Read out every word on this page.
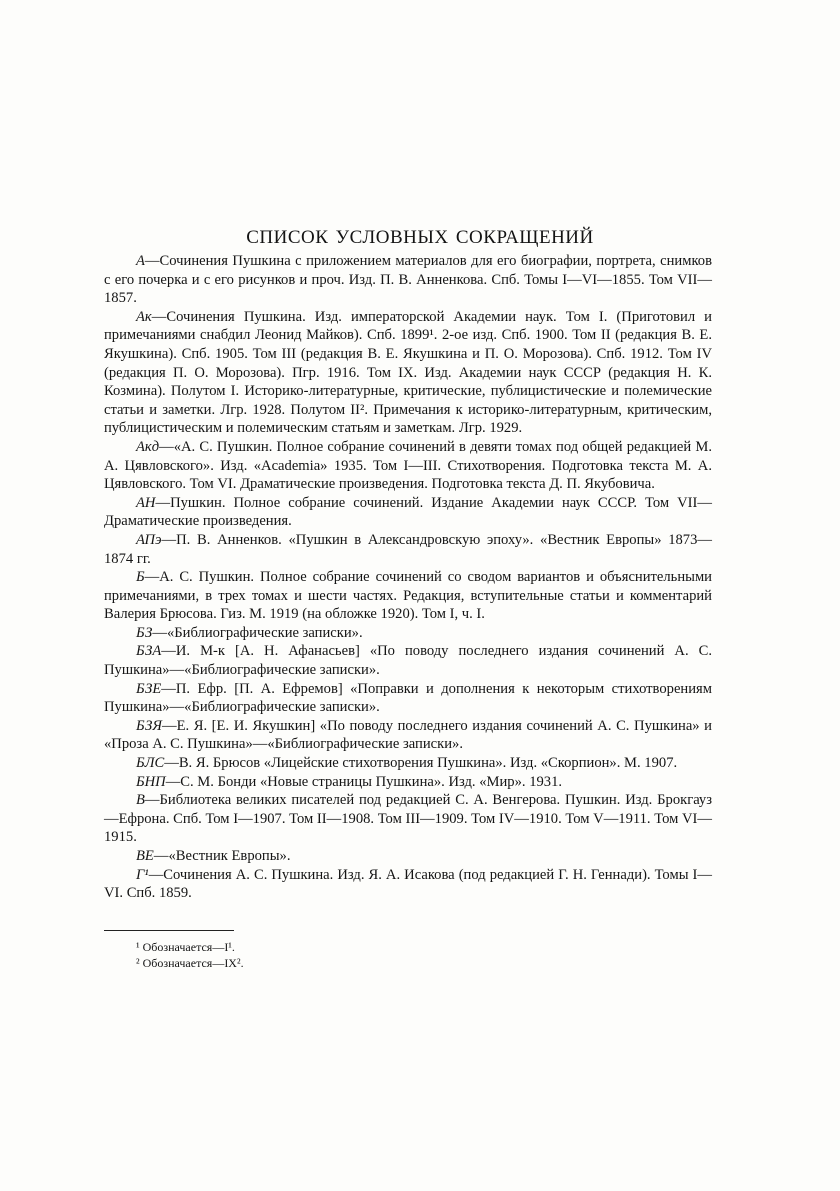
СПИСОК УСЛОВНЫХ СОКРАЩЕНИЙ

А—Сочинения Пушкина с приложением материалов для его биографии, портрета, снимков с его почерка и с его рисунков и проч. Изд. П. В. Анненкова. Спб. Томы I—VI—1855. Том VII—1857.

Ак—Сочинения Пушкина. Изд. императорской Академии наук. Том I. (Приготовил и примечаниями снабдил Леонид Майков). Спб. 1899¹. 2-ое изд. Спб. 1900. Том II (редакция В. Е. Якушкина). Спб. 1905. Том III (редакция В. Е. Якушкина и П. О. Морозова). Спб. 1912. Том IV (редакция П. О. Морозова). Пгр. 1916. Том IX. Изд. Академии наук СССР (редакция Н. К. Козмина). Полутом I. Историко-литературные, критические, публицистические и полемические статьи и заметки. Лгр. 1928. Полутом II². Примечания к историко-литературным, критическим, публицистическим и полемическим статьям и заметкам. Лгр. 1929.

Акд—«А. С. Пушкин. Полное собрание сочинений в девяти томах под общей редакцией М. А. Цявловского». Изд. «Academia» 1935. Том I—III. Стихотворения. Подготовка текста М. А. Цявловского. Том VI. Драматические произведения. Подготовка текста Д. П. Якубовича.

АН—Пушкин. Полное собрание сочинений. Издание Академии наук СССР. Том VII—Драматические произведения.

АПэ—П. В. Анненков. «Пушкин в Александровскую эпоху». «Вестник Европы» 1873—1874 гг.

Б—А. С. Пушкин. Полное собрание сочинений со сводом вариантов и объяснительными примечаниями, в трех томах и шести частях. Редакция, вступительные статьи и комментарий Валерия Брюсова. Гиз. М. 1919 (на обложке 1920). Том I, ч. I.

БЗ—«Библиографические записки».

БЗА—И. М-к [А. Н. Афанасьев] «По поводу последнего издания сочинений А. С. Пушкина»—«Библиографические записки».

БЗЕ—П. Ефр. [П. А. Ефремов] «Поправки и дополнения к некоторым стихотворениям Пушкина»—«Библиографические записки».

БЗЯ—Е. Я. [Е. И. Якушкин] «По поводу последнего издания сочинений А. С. Пушкина» и «Проза А. С. Пушкина»—«Библиографические записки».

БЛС—В. Я. Брюсов «Лицейские стихотворения Пушкина». Изд. «Скорпион». М. 1907.

БНП—С. М. Бонди «Новые страницы Пушкина». Изд. «Мир». 1931.

В—Библиотека великих писателей под редакцией С. А. Венгерова. Пушкин. Изд. Брокгауз—Ефрона. Спб. Том I—1907. Том II—1908. Том III—1909. Том IV—1910. Том V—1911. Том VI—1915.

ВЕ—«Вестник Европы».

Г¹—Сочинения А. С. Пушкина. Изд. Я. А. Исакова (под редакцией Г. Н. Геннади). Томы I—VI. Спб. 1859.

¹ Обозначается—I¹.

² Обозначается—IX².
